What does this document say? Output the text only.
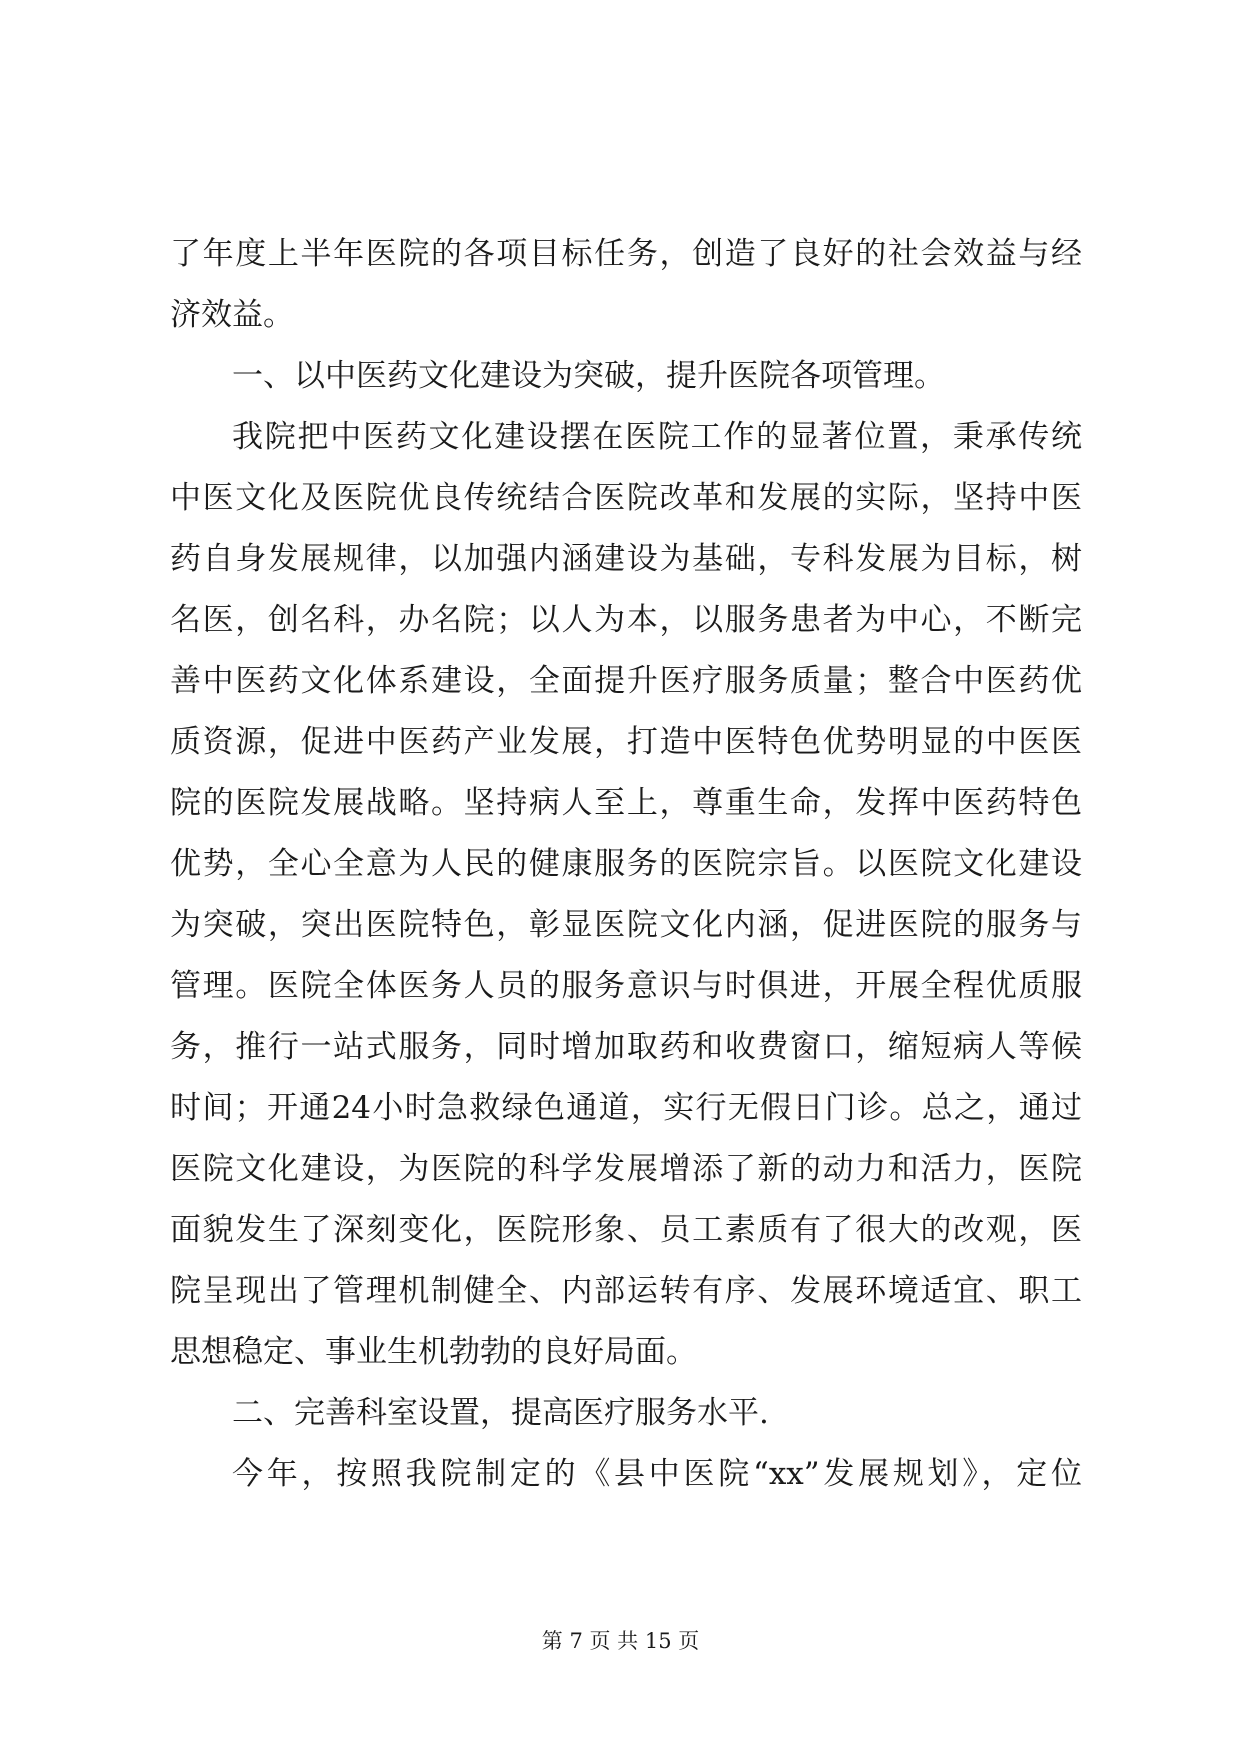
了年度上半年医院的各项目标任务，创造了良好的社会效益与经
济效益。
一、以中医药文化建设为突破，提升医院各项管理。
我院把中医药文化建设摆在医院工作的显著位置，秉承传统
中医文化及医院优良传统结合医院改革和发展的实际，坚持中医
药自身发展规律，以加强内涵建设为基础，专科发展为目标，树
名医，创名科，办名院；以人为本，以服务患者为中心，不断完
善中医药文化体系建设，全面提升医疗服务质量；整合中医药优
质资源，促进中医药产业发展，打造中医特色优势明显的中医医
院的医院发展战略。坚持病人至上，尊重生命，发挥中医药特色
优势，全心全意为人民的健康服务的医院宗旨。以医院文化建设
为突破，突出医院特色，彰显医院文化内涵，促进医院的服务与
管理。医院全体医务人员的服务意识与时俱进，开展全程优质服
务，推行一站式服务，同时增加取药和收费窗口，缩短病人等候
时间；开通24小时急救绿色通道，实行无假日门诊。总之，通过
医院文化建设，为医院的科学发展增添了新的动力和活力，医院
面貌发生了深刻变化，医院形象、员工素质有了很大的改观，医
院呈现出了管理机制健全、内部运转有序、发展环境适宜、职工
思想稳定、事业生机勃勃的良好局面。
二、完善科室设置，提高医疗服务水平.
今年，按照我院制定的《县中医院“xx”发展规划》，定位
第 7 页 共 15 页
